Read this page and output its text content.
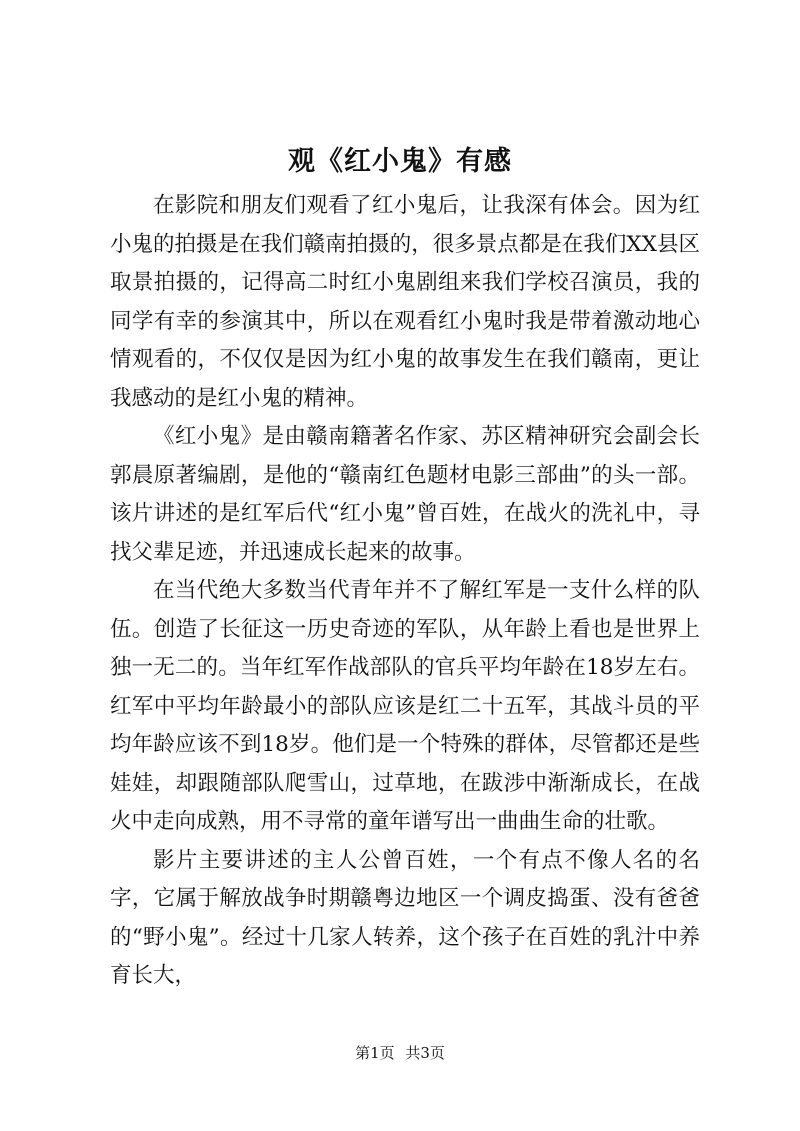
观《红小鬼》有感

在影院和朋友们观看了红小鬼后，让我深有体会。因为红小鬼的拍摄是在我们赣南拍摄的，很多景点都是在我们XX县区取景拍摄的，记得高二时红小鬼剧组来我们学校召演员，我的同学有幸的参演其中，所以在观看红小鬼时我是带着激动地心情观看的，不仅仅是因为红小鬼的故事发生在我们赣南，更让我感动的是红小鬼的精神。

《红小鬼》是由赣南籍著名作家、苏区精神研究会副会长郭晨原著编剧，是他的“赣南红色题材电影三部曲”的头一部。该片讲述的是红军后代“红小鬼”曾百姓，在战火的洗礼中，寻找父辈足迹，并迅速成长起来的故事。

在当代绝大多数当代青年并不了解红军是一支什么样的队伍。创造了长征这一历史奇迹的军队，从年龄上看也是世界上独一无二的。当年红军作战部队的官兵平均年龄在18岁左右。红军中平均年龄最小的部队应该是红二十五军，其战斗员的平均年龄应该不到18岁。他们是一个特殊的群体，尽管都还是些娃娃，却跟随部队爬雪山，过草地，在跋涉中渐渐成长，在战火中走向成熟，用不寻常的童年谱写出一曲曲生命的壮歌。

影片主要讲述的主人公曾百姓，一个有点不像人名的名字，它属于解放战争时期赣粤边地区一个调皮捣蛋、没有爸爸的“野小鬼”。经过十几家人转养，这个孩子在百姓的乳汁中养育长大，

第1页 共3页
